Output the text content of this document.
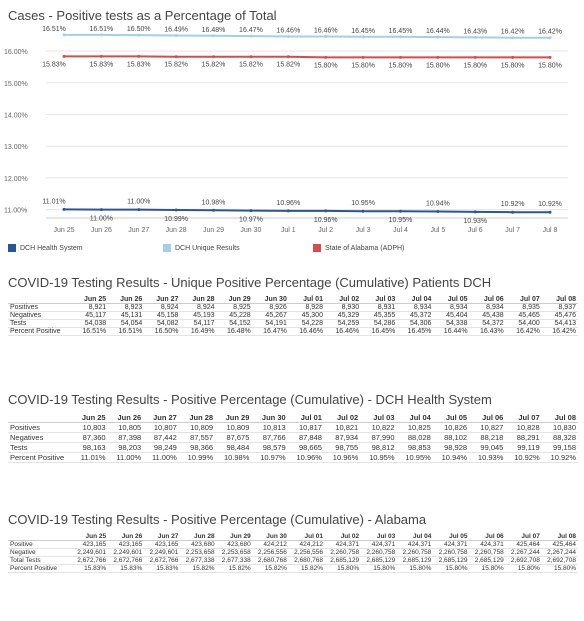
Cases - Positive tests as a Percentage of Total
11.00%
12.00%
13.00%
14.00%
15.00%
16.00%
Jun 25 Jun 26 Jun 27 Jun 28 Jun 29 Jun 30	Jul 1	Jul 2	Jul 3	Jul 4	Jul 5	Jul 6	Jul 7	Jul 8
11.01%
11.00%
11.00%
10.99%
10.98%
10.97%
10.96%
10.96%
10.95%
10.95%
10.94%
10.93%
10.92% 10.92%
16.51%	16.51% 16.50% 16.49% 16.48% 16.47% 16.46% 16.46% 16.45% 16.45% 16.44% 16.43% 16.42% 16.42%
15.83%	15.83% 15.83% 15.82% 15.82% 15.82% 15.82% 15.80% 15.80% 15.80% 15.80% 15.80% 15.80% 15.80%
DCH Health System	DCH Unique Results	State of Alabama (ADPH)
COVID-19 Testing Results - Unique Positive Percentage (Cumulative) Patients DCH
	Jun 25	Jun 26	Jun 27	Jun 28	Jun 29	Jun 30	Jul 01	Jul 02	Jul 03	Jul 04	Jul 05	Jul 06	Jul 07	Jul 08
Positives	8,921	8,923	8,924	8,924	8,925	8,926	8,928	8,930	8,931	8,934	8,934	8,934	8,935	8,937
Negatives	45,117	45,131	45,158	45,193	45,228	45,267	45,300	45,329	45,355	45,372	45,404	45,438	45,465	45,476
Tests	54,038	54,054	54,082	54,117	54,152	54,191	54,228	54,259	54,286	54,306	54,338	54,372	54,400	54,413
Percent Positive	16.51%	16.51%	16.50%	16.49%	16.48%	16.47%	16.46%	16.46%	16.45%	16.45%	16.44%	16.43%	16.42%	16.42%
COVID-19 Testing Results - Positive Percentage (Cumulative) - DCH Health System
	Jun 25	Jun 26	Jun 27	Jun 28	Jun 29	Jun 30	Jul 01	Jul 02	Jul 03	Jul 04	Jul 05	Jul 06	Jul 07	Jul 08
Positives	10,803	10,805	10,807	10,809	10,809	10,813	10,817	10,821	10,822	10,825	10,826	10,827	10,828	10,830
Negatives	87,360	87,398	87,442	87,557	87,675	87,766	87,848	87,934	87,990	88,028	88,102	88,218	88,291	88,328
Tests	98,163	98,203	98,249	98,366	98,484	98,579	98,665	98,755	98,812	98,853	98,928	99,045	99,119	99,158
Percent Positive	11.01%	11.00%	11.00%	10.99%	10.98%	10.97%	10.96%	10.96%	10.95%	10.95%	10.94%	10.93%	10.92%	10.92%
COVID-19 Testing Results - Positive Percentage (Cumulative) - Alabama
	Jun 25	Jun 26	Jun 27	Jun 28	Jun 29	Jun 30	Jul 01	Jul 02	Jul 03	Jul 04	Jul 05	Jul 06	Jul 07	Jul 08
Positive	423,165	423,165	423,165	423,680	423,680	424,212	424,212	424,371	424,371	424,371	424,371	424,371	425,464	425,464
Negative	2,249,601	2,249,601	2,249,601	2,253,658	2,253,658	2,256,556	2,256,556	2,260,758	2,260,758	2,260,758	2,260,758	2,260,758	2,267,244	2,267,244
Total Tests	2,672,766	2,672,766	2,672,766	2,677,338	2,677,338	2,680,768	2,680,768	2,685,129	2,685,129	2,685,129	2,685,129	2,685,129	2,692,708	2,692,708
Percent Positive	15.83%	15.83%	15.83%	15.82%	15.82%	15.82%	15.82%	15.80%	15.80%	15.80%	15.80%	15.80%	15.80%	15.80%
